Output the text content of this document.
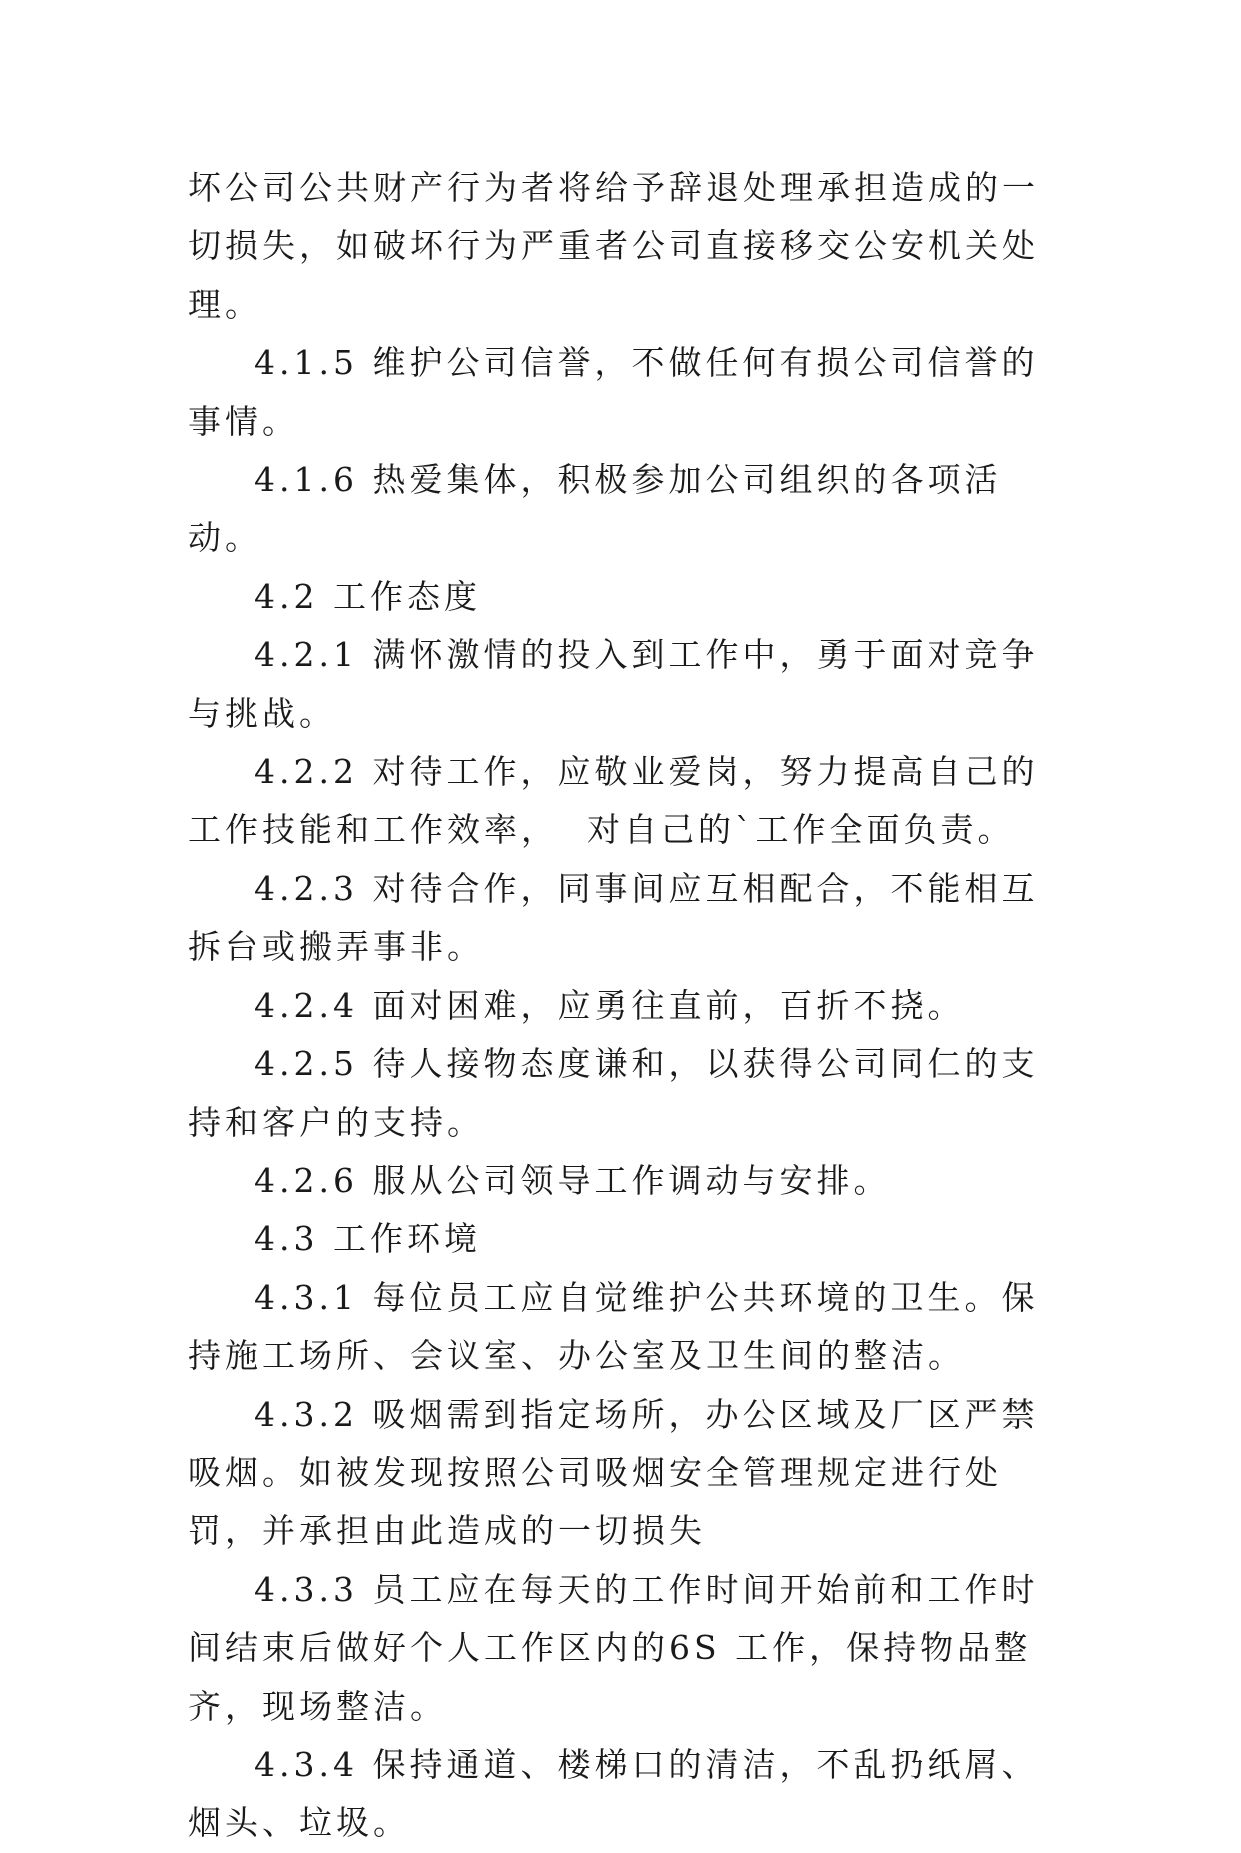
坏公司公共财产行为者将给予辞退处理承担造成的一切损失，如破坏行为严重者公司直接移交公安机关处理。

4.1.5 维护公司信誉，不做任何有损公司信誉的事情。

4.1.6 热爱集体，积极参加公司组织的各项活动。

4.2 工作态度

4.2.1 满怀激情的投入到工作中，勇于面对竞争与挑战。

4.2.2 对待工作，应敬业爱岗，努力提高自己的工作技能和工作效率，  对自己的`工作全面负责。

4.2.3 对待合作，同事间应互相配合，不能相互拆台或搬弄事非。

4.2.4 面对困难，应勇往直前，百折不挠。

4.2.5 待人接物态度谦和，以获得公司同仁的支持和客户的支持。

4.2.6 服从公司领导工作调动与安排。

4.3 工作环境

4.3.1 每位员工应自觉维护公共环境的卫生。保持施工场所、会议室、办公室及卫生间的整洁。

4.3.2 吸烟需到指定场所，办公区域及厂区严禁吸烟。如被发现按照公司吸烟安全管理规定进行处罚，并承担由此造成的一切损失

4.3.3 员工应在每天的工作时间开始前和工作时间结束后做好个人工作区内的6S 工作，保持物品整齐，现场整洁。

4.3.4 保持通道、楼梯口的清洁，不乱扔纸屑、烟头、垃圾。
